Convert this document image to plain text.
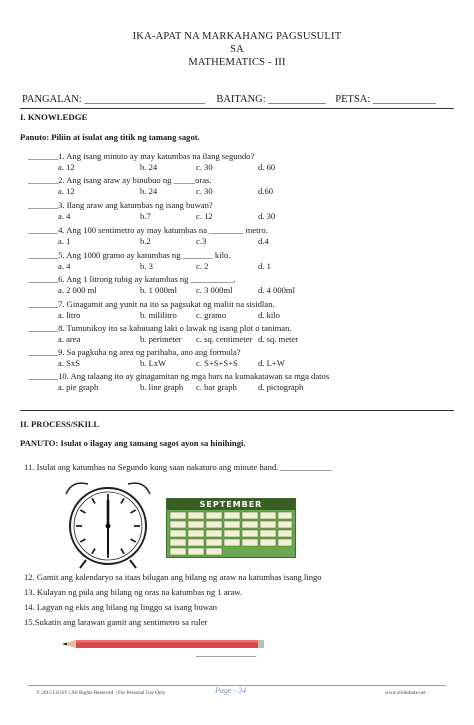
IKA-APAT NA MARKAHANG PAGSUSULIT
SA
MATHEMATICS - III
PANGALAN: _______________________ BAITANG: ___________ PETSA: ____________
I. KNOWLEDGE
Panuto: Piliin at isulat ang titik ng tamang sagot.
_______1. Ang isang minuto ay may katumbas na ilang segundo?
a. 12	b. 24	c. 30	d. 60
_______2. Ang isang araw ay binubuo ng _____oras.
a. 12	b. 24	c. 30	d.60
_______3. Ilang araw ang katumbas ng isang buwan?
a. 4	b.7	c. 12	d. 30
_______4. Ang 100 sentimetro ay may katumbas na ________ metro.
a. 1	b.2	c.3	d.4
_______5. Ang 1000 gramo ay katumbas ng _______ kilo.
a. 4	b. 3	c. 2	d. 1
_______6. Ang 1 litrong tubig ay katumbas ng __________.
a. 2 000 ml	b. 1 000ml c. 3 000ml	d. 4 000ml
_______7. Ginagamit ang yunit na ito sa pagsukat ng maliit na sisidlan.
a. litro	b. mililitro c. gramo	d. kilo
_______8. Tumutukoy ito sa kabuuang laki o lawak ng isang plot o taniman.
a. area	b. perimeter c. sq. centimeter d. sq. meter
_______9. Sa pagkuha ng area ng parihaba, ano ang formula?
a. SxS	b. LxW	c. S+S+S+S d. L+W
_______10. Ang talaang ito ay ginagamitan ng mga bars na kumakatawan sa mga datos
a. pie graph	b. line graph c. bar graph d. pictograph
II. PROCESS/SKILL
PANUTO: Isulat o ilagay ang tamang sagot ayon sa hinihingi.
11. Isulat ang katumbas na Segundo kung saan nakaturo ang minute hand. ____________
SEPTEMBER
12. Gamit ang kalendaryo sa itaas bilugan ang bilang ng araw na katumbas isang lingo
13. Kulayan ng pula ang bilang ng oras na katumbas ng 1 araw.
14. Lagyan ng ekis ang bilang ng linggo sa isang buwan
15.Sukatin ang larawan gamit ang sentimetro sa ruler
______________
© 2015 LiGSY | All Rights Reserved. | For Personal Use Only	Page - 34	www.slideshare.net
